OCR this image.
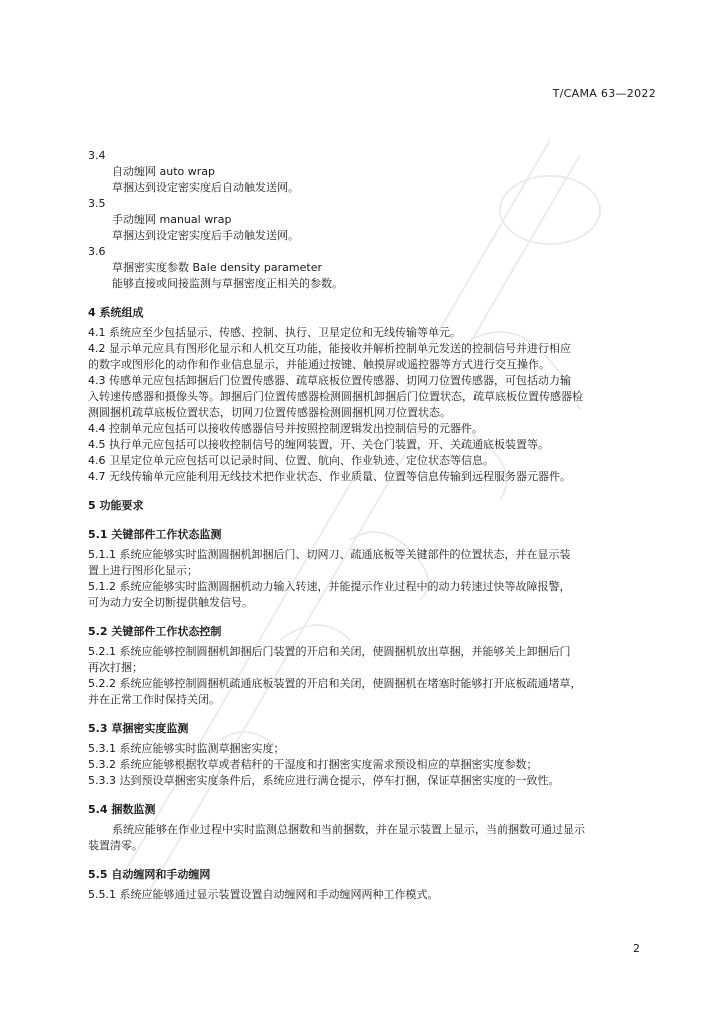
T/CAMA 63—2022
3.4
自动缠网 auto wrap
草捆达到设定密实度后自动触发送网。
3.5
手动缠网 manual wrap
草捆达到设定密实度后手动触发送网。
3.6
草捆密实度参数 Bale density parameter
能够直接或间接监测与草捆密度正相关的参数。
4 系统组成
4.1 系统应至少包括显示、传感、控制、执行、卫星定位和无线传输等单元。
4.2 显示单元应具有图形化显示和人机交互功能，能接收并解析控制单元发送的控制信号并进行相应
的数字或图形化的动作和作业信息显示，并能通过按键、触摸屏或遥控器等方式进行交互操作。
4.3 传感单元应包括卸捆后门位置传感器、疏草底板位置传感器、切网刀位置传感器，可包括动力输
入转速传感器和摄像头等。卸捆后门位置传感器检测圆捆机卸捆后门位置状态，疏草底板位置传感器检
测圆捆机疏草底板位置状态，切网刀位置传感器检测圆捆机网刀位置状态。
4.4 控制单元应包括可以接收传感器信号并按照控制逻辑发出控制信号的元器件。
4.5 执行单元应包括可以接收控制信号的缠网装置，开、关仓门装置，开、关疏通底板装置等。
4.6 卫星定位单元应包括可以记录时间、位置、航向、作业轨迹、定位状态等信息。
4.7 无线传输单元应能利用无线技术把作业状态、作业质量、位置等信息传输到远程服务器元器件。
5 功能要求
5.1 关键部件工作状态监测
5.1.1 系统应能够实时监测圆捆机卸捆后门、切网刀、疏通底板等关键部件的位置状态，并在显示装
置上进行图形化显示；
5.1.2 系统应能够实时监测圆捆机动力输入转速，并能提示作业过程中的动力转速过快等故障报警，
可为动力安全切断提供触发信号。
5.2 关键部件工作状态控制
5.2.1 系统应能够控制圆捆机卸捆后门装置的开启和关闭，使圆捆机放出草捆，并能够关上卸捆后门
再次打捆；
5.2.2 系统应能够控制圆捆机疏通底板装置的开启和关闭，使圆捆机在堵塞时能够打开底板疏通堵草，
并在正常工作时保持关闭。
5.3 草捆密实度监测
5.3.1 系统应能够实时监测草捆密实度；
5.3.2 系统应能够根据牧草或者秸秆的干湿度和打捆密实度需求预设相应的草捆密实度参数；
5.3.3 达到预设草捆密实度条件后，系统应进行满仓提示，停车打捆，保证草捆密实度的一致性。
5.4 捆数监测
系统应能够在作业过程中实时监测总捆数和当前捆数，并在显示装置上显示，当前捆数可通过显示
装置清零。
5.5 自动缠网和手动缠网
5.5.1 系统应能够通过显示装置设置自动缠网和手动缠网两种工作模式。
2
